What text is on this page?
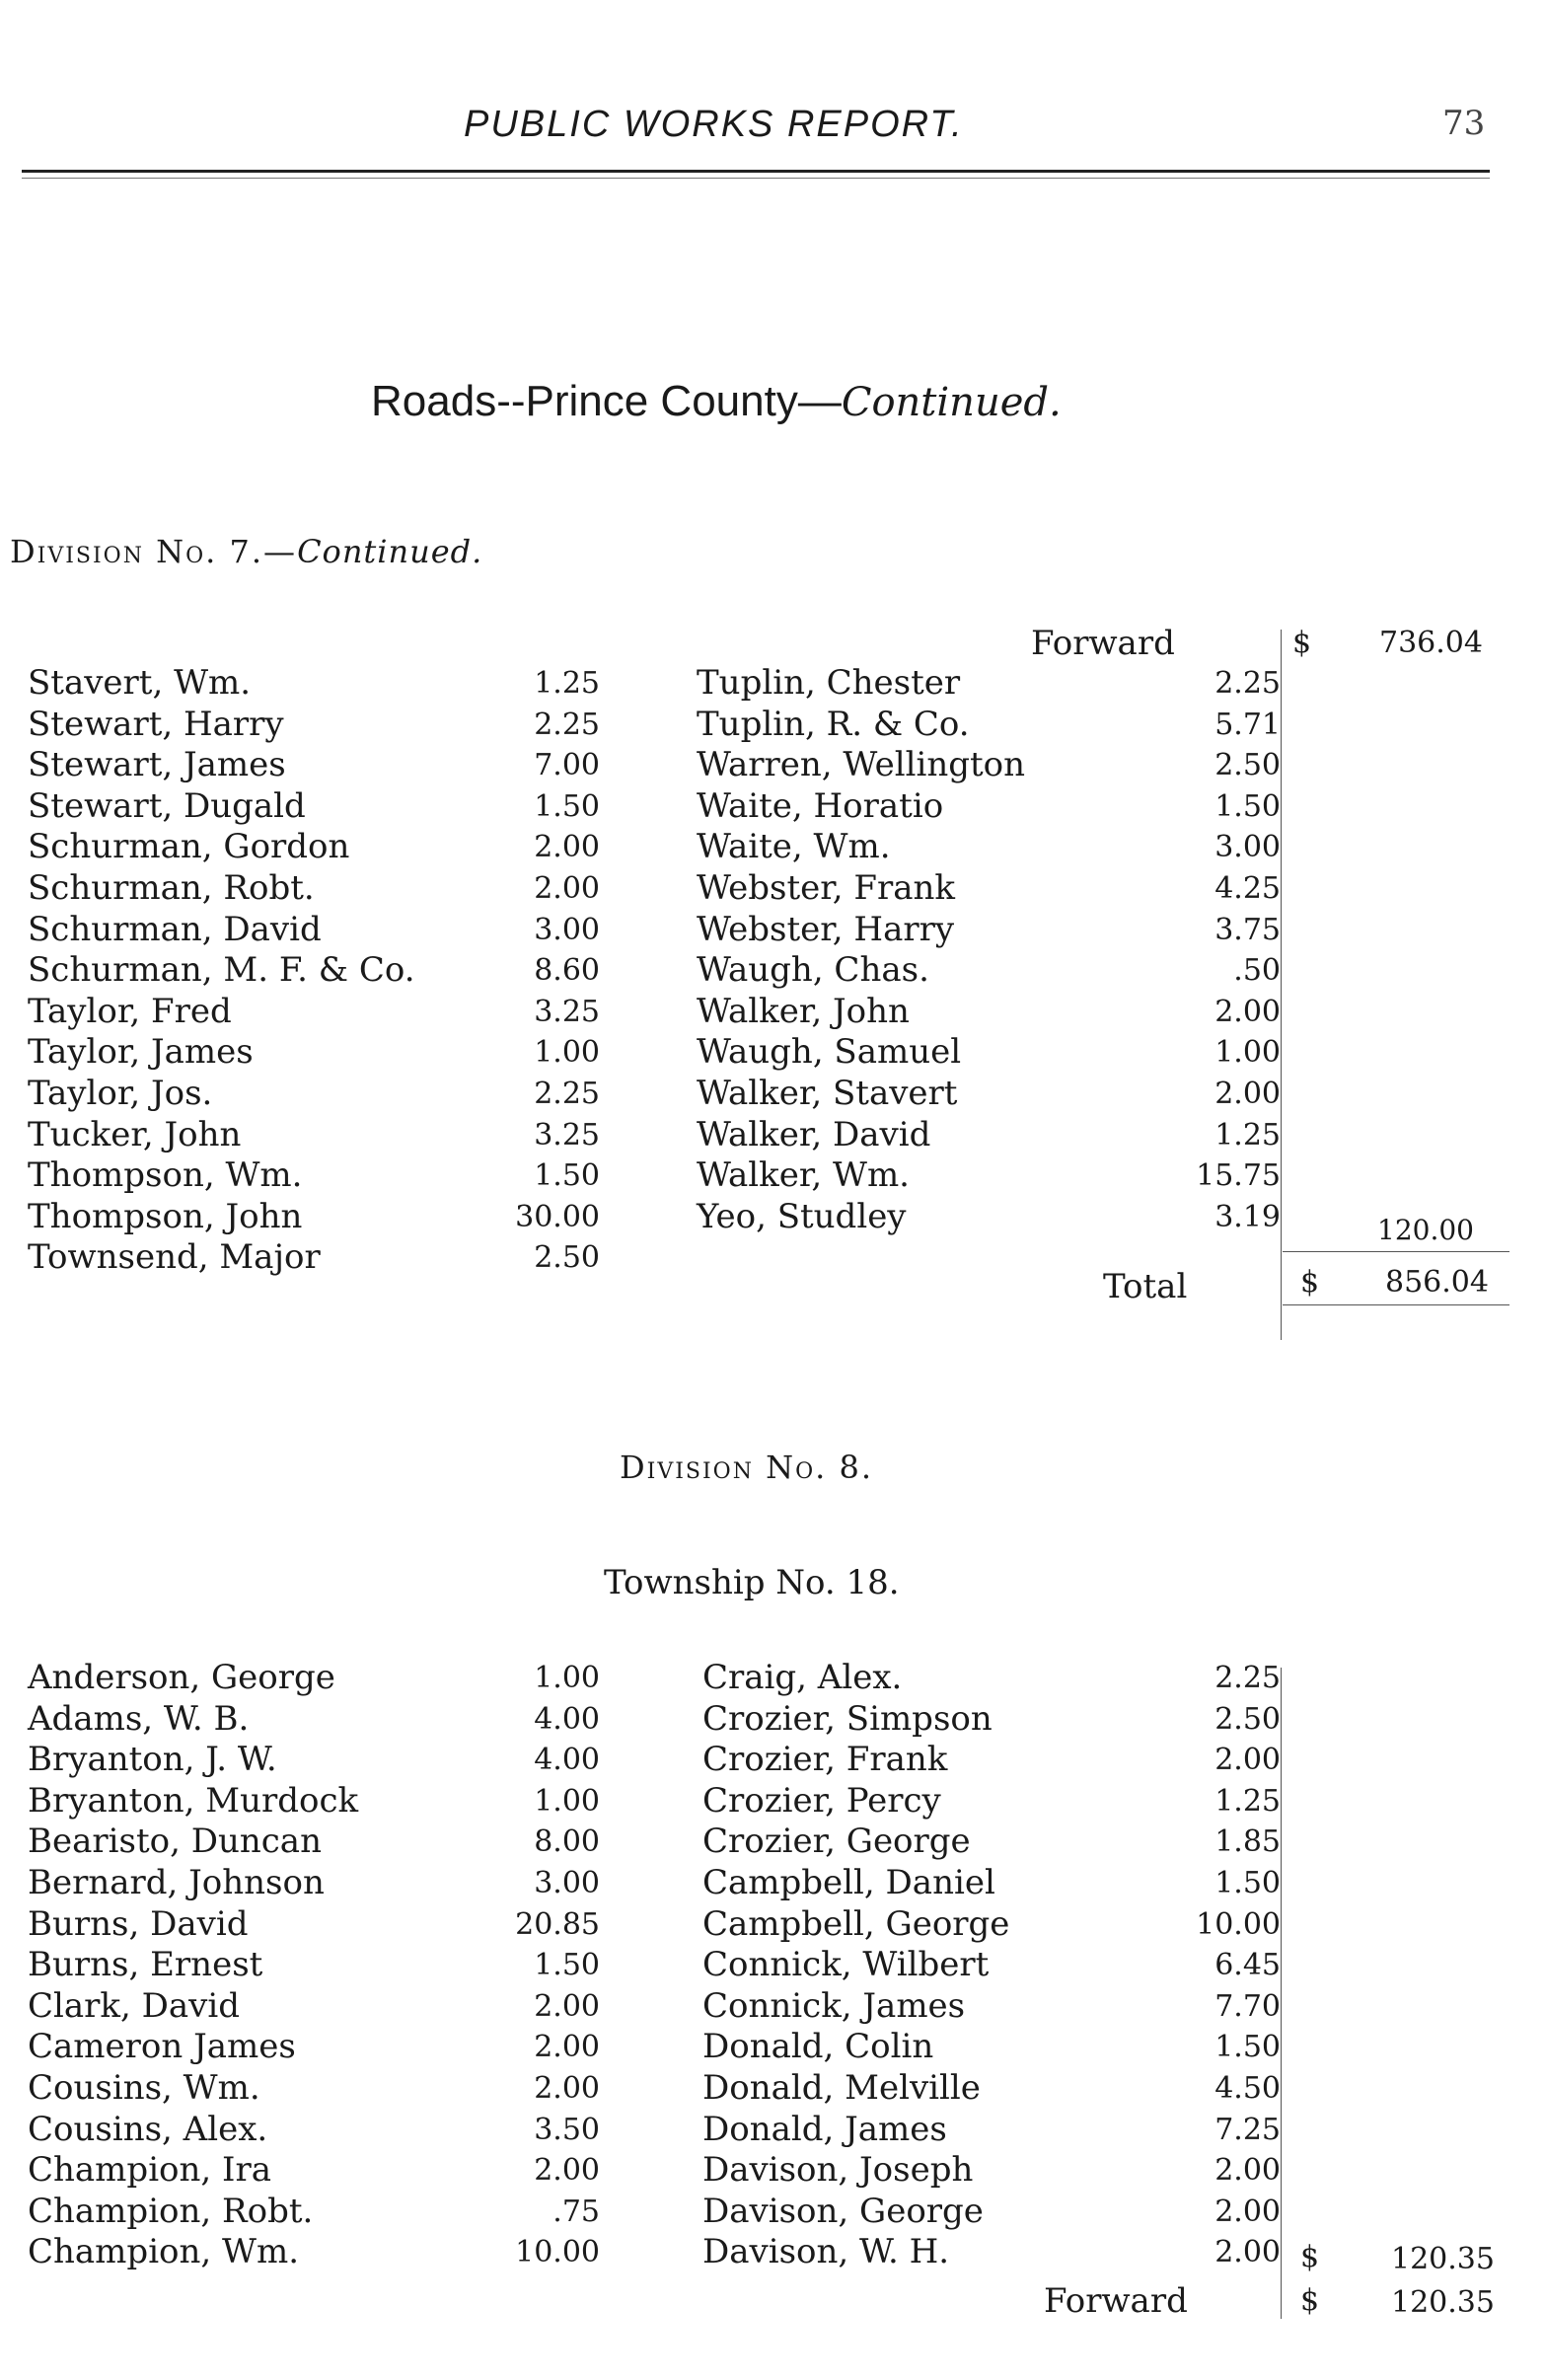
PUBLIC WORKS REPORT.	73
Roads--Prince County—Continued.
Division No. 7.—Continued.
Forward	$ 736.04
Stavert, Wm.	1.25
Stewart, Harry	2.25
Stewart, James	7.00
Stewart, Dugald	1.50
Schurman, Gordon	2.00
Schurman, Robt.	2.00
Schurman, David	3.00
Schurman, M. F. & Co.	8.60
Taylor, Fred	3.25
Taylor, James	1.00
Taylor, Jos.	2.25
Tucker, John	3.25
Thompson, Wm.	1.50
Thompson, John	30.00
Townsend, Major	2.50
Tuplin, Chester	2.25
Tuplin, R. & Co.	5.71
Warren, Wellington	2.50
Waite, Horatio	1.50
Waite, Wm.	3.00
Webster, Frank	4.25
Webster, Harry	3.75
Waugh, Chas.	.50
Walker, John	2.00
Waugh, Samuel	1.00
Walker, Stavert	2.00
Walker, David	1.25
Walker, Wm.	15.75
Yeo, Studley	3.19	120.00
Total	$ 856.04
Division No. 8.
Township No. 18.
Anderson, George	1.00
Adams, W. B.	4.00
Bryanton, J. W.	4.00
Bryanton, Murdock	1.00
Bearisto, Duncan	8.00
Bernard, Johnson	3.00
Burns, David	20.85
Burns, Ernest	1.50
Clark, David	2.00
Cameron James	2.00
Cousins, Wm.	2.00
Cousins, Alex.	3.50
Champion, Ira	2.00
Champion, Robt.	.75
Champion, Wm.	10.00
Craig, Alex.	2.25
Crozier, Simpson	2.50
Crozier, Frank	2.00
Crozier, Percy	1.25
Crozier, George	1.85
Campbell, Daniel	1.50
Campbell, George	10.00
Connick, Wilbert	6.45
Connick, James	7.70
Donald, Colin	1.50
Donald, Melville	4.50
Donald, James	7.25
Davison, Joseph	2.00
Davison, George	2.00
Davison, W. H.	2.00 $ 120.35
Forward	$ 120.35
